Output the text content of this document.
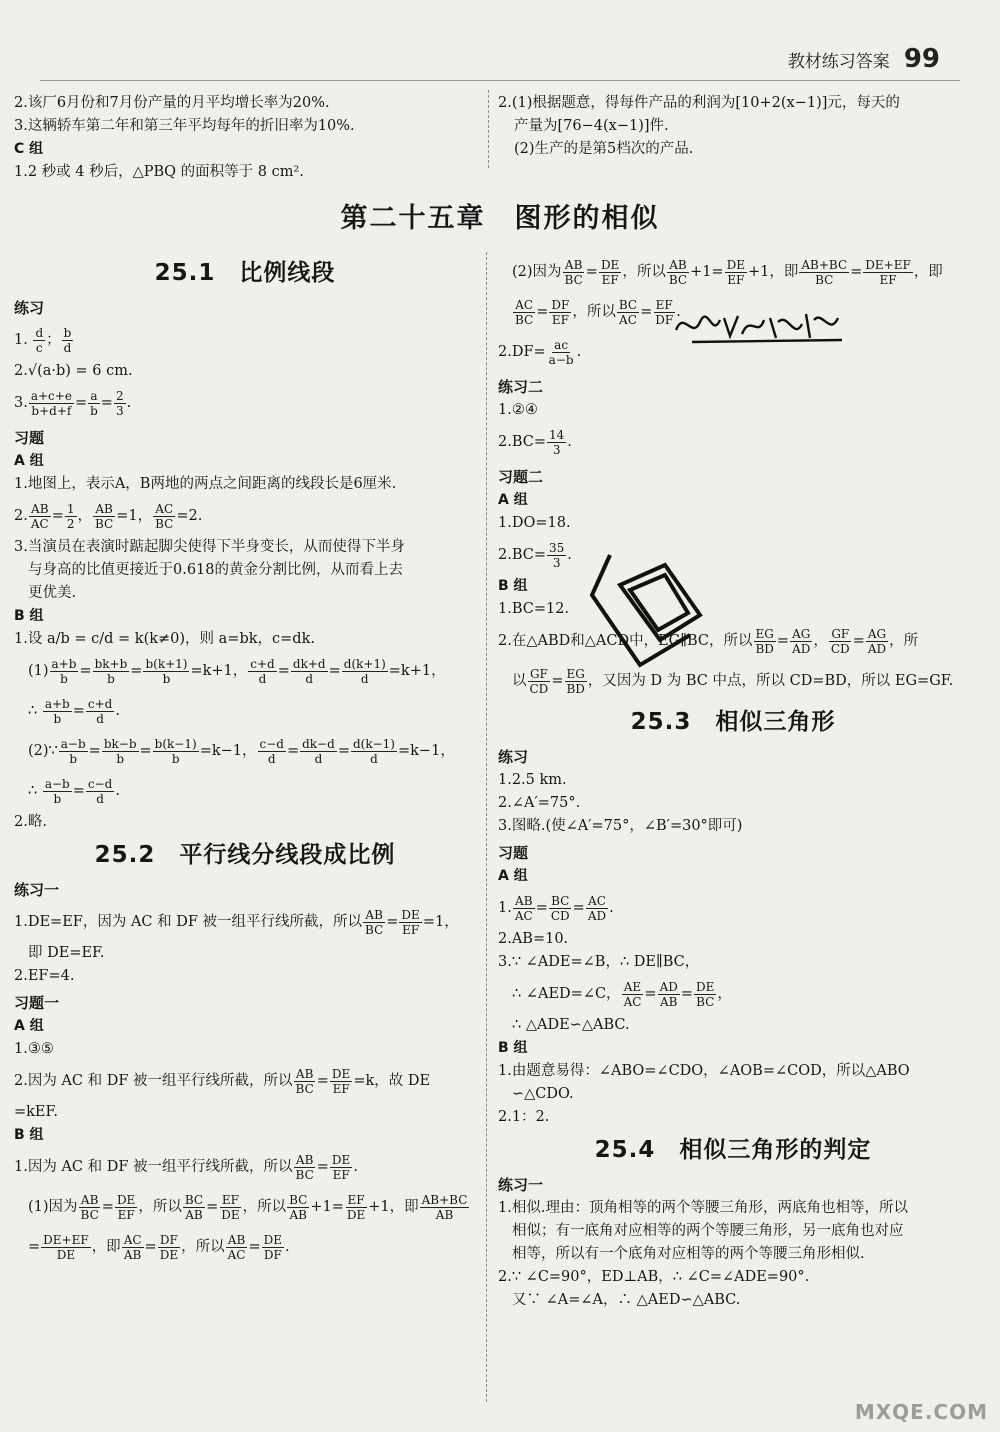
教材练习答案 99
2.该厂6月份和7月份产量的月平均增长率为20%.
3.这辆轿车第二年和第三年平均每年的折旧率为10%.
C 组
1.2 秒或 4 秒后，△PBQ 的面积等于 8 cm².
2.(1)根据题意，得每件产品的利润为[10+2(x−1)]元，每天的
产量为[76−4(x−1)]件.
(2)生产的是第5档次的产品.
第二十五章　图形的相似
25.1　比例线段
练习
1. $\frac{d}{c}$ ； $\frac{b}{d}$
2.√(a·b) = 6 cm.
3. $\frac{a+c+e}{b+d+f} = \frac{a}{b} = \frac{2}{3}$ .
习题
A 组
1.地图上，表示A，B两地的两点之间距离的线段长是6厘米.
2. $\frac{AB}{AC} = \frac{1}{2}$ ， $\frac{AB}{BC} =1$， $\frac{AC}{BC} =2$.
3.当演员在表演时踮起脚尖使得下半身变长，从而使得下半身
与身高的比值更接近于0.618的黄金分割比例，从而看上去
更优美.
B 组
1.设 a/b = c/d = k(k≠0)，则 a=bk，c=dk.
$(1) \frac{a+b}{b} = \frac{bk+b}{b} = \frac{b(k+1)}{b} =k+1$， $\frac{c+d}{d} = \frac{dk+d}{d} = \frac{d(k+1)}{d} =k+1$，
∴ $\frac{a+b}{b} = \frac{c+d}{d}$ .
(2)∵ $\frac{a-b}{b} = \frac{bk-b}{b} = \frac{b(k-1)}{b} =k-1$， $\frac{c-d}{d} = \frac{dk-d}{d} = \frac{d(k-1)}{d} =k-1$，
∴ $\frac{a-b}{b} = \frac{c-d}{d}$ .
2.略.
25.2　平行线分线段成比例
练习一
1.DE=EF，因为 AC 和 DF 被一组平行线所截，所以 $\frac{AB}{BC} = \frac{DE}{EF} =1$，
即 DE=EF.
2.EF=4.
习题一
A 组
1.③⑤
2.因为 AC 和 DF 被一组平行线所截，所以 $\frac{AB}{BC} = \frac{DE}{EF} =k$，故 DE
=kEF.
B 组
1.因为 AC 和 DF 被一组平行线所截，所以 $\frac{AB}{BC} = \frac{DE}{EF}$ .
(1)因为 $\frac{AB}{BC} = \frac{DE}{EF}$ ，所以 $\frac{BC}{AB} = \frac{EF}{DE}$ ，所以 $\frac{BC}{AB} +1= \frac{EF}{DE} +1$，即 $\frac{AB+BC}{AB}$
= $\frac{DE+EF}{DE}$ ，即 $\frac{AC}{AB} = \frac{DF}{DE}$ ，所以 $\frac{AB}{AC} = \frac{DE}{DF}$ .
(2)因为 $\frac{AB}{BC} = \frac{DE}{EF}$ ，所以 $\frac{AB}{BC} +1= \frac{DE}{EF} +1$，即 $\frac{AB+BC}{BC} = \frac{DE+EF}{EF}$ ，即
$\frac{AC}{BC} = \frac{DF}{EF}$ ，所以 $\frac{BC}{AC} = \frac{EF}{DF}$ .
$2.DF= \frac{ac}{a-b}$ .
练习二
1.②④
$2.BC= \frac{14}{3}$ .
习题二
A 组
1.DO=18.
$2.BC= \frac{35}{3}$ .
B 组
1.BC=12.
2.在△ABD和△ACD中，EG∥BC，所以 $\frac{EG}{BD} = \frac{AG}{AD}$ ， $\frac{GF}{CD} = \frac{AG}{AD}$ ，所
以 $\frac{GF}{CD} = \frac{EG}{BD}$ ，又因为 D 为 BC 中点，所以 CD=BD，所以 EG=GF.
25.3　相似三角形
练习
1.2.5 km.
2.∠A′=75°.
3.图略.(使∠A′=75°，∠B′=30°即可)
习题
A 组
1. $\frac{AB}{AC} = \frac{BC}{CD} = \frac{AC}{AD}$ .
2.AB=10.
3.∵ ∠ADE=∠B，∴ DE∥BC，
∴ ∠AED=∠C， $\frac{AE}{AC} = \frac{AD}{AB} = \frac{DE}{BC}$ ，
∴ △ADE∽△ABC.
B 组
1.由题意易得：∠ABO=∠CDO，∠AOB=∠COD，所以△ABO
∽△CDO.
2.1：2.
25.4　相似三角形的判定
练习一
1.相似.理由：顶角相等的两个等腰三角形，两底角也相等，所以
相似；有一底角对应相等的两个等腰三角形，另一底角也对应
相等，所以有一个底角对应相等的两个等腰三角形相似.
2.∵ ∠C=90°，ED⊥AB，∴ ∠C=∠ADE=90°.
又∵ ∠A=∠A，∴ △AED∽△ABC.
MXQE.COM
